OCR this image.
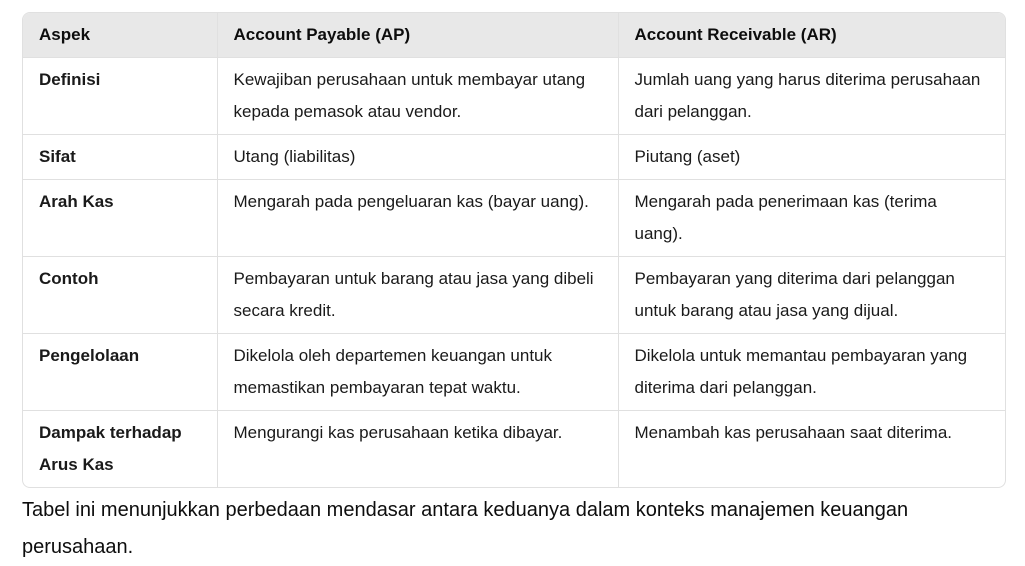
Aspek	Account Payable (AP)	Account Receivable (AR)
Definisi	Kewajiban perusahaan untuk membayar utang kepada pemasok atau vendor.	Jumlah uang yang harus diterima perusahaan dari pelanggan.
Sifat	Utang (liabilitas)	Piutang (aset)
Arah Kas	Mengarah pada pengeluaran kas (bayar uang).	Mengarah pada penerimaan kas (terima uang).
Contoh	Pembayaran untuk barang atau jasa yang dibeli secara kredit.	Pembayaran yang diterima dari pelanggan untuk barang atau jasa yang dijual.
Pengelolaan	Dikelola oleh departemen keuangan untuk memastikan pembayaran tepat waktu.	Dikelola untuk memantau pembayaran yang diterima dari pelanggan.
Dampak terhadap Arus Kas	Mengurangi kas perusahaan ketika dibayar.	Menambah kas perusahaan saat diterima.

Tabel ini menunjukkan perbedaan mendasar antara keduanya dalam konteks manajemen keuangan perusahaan.
